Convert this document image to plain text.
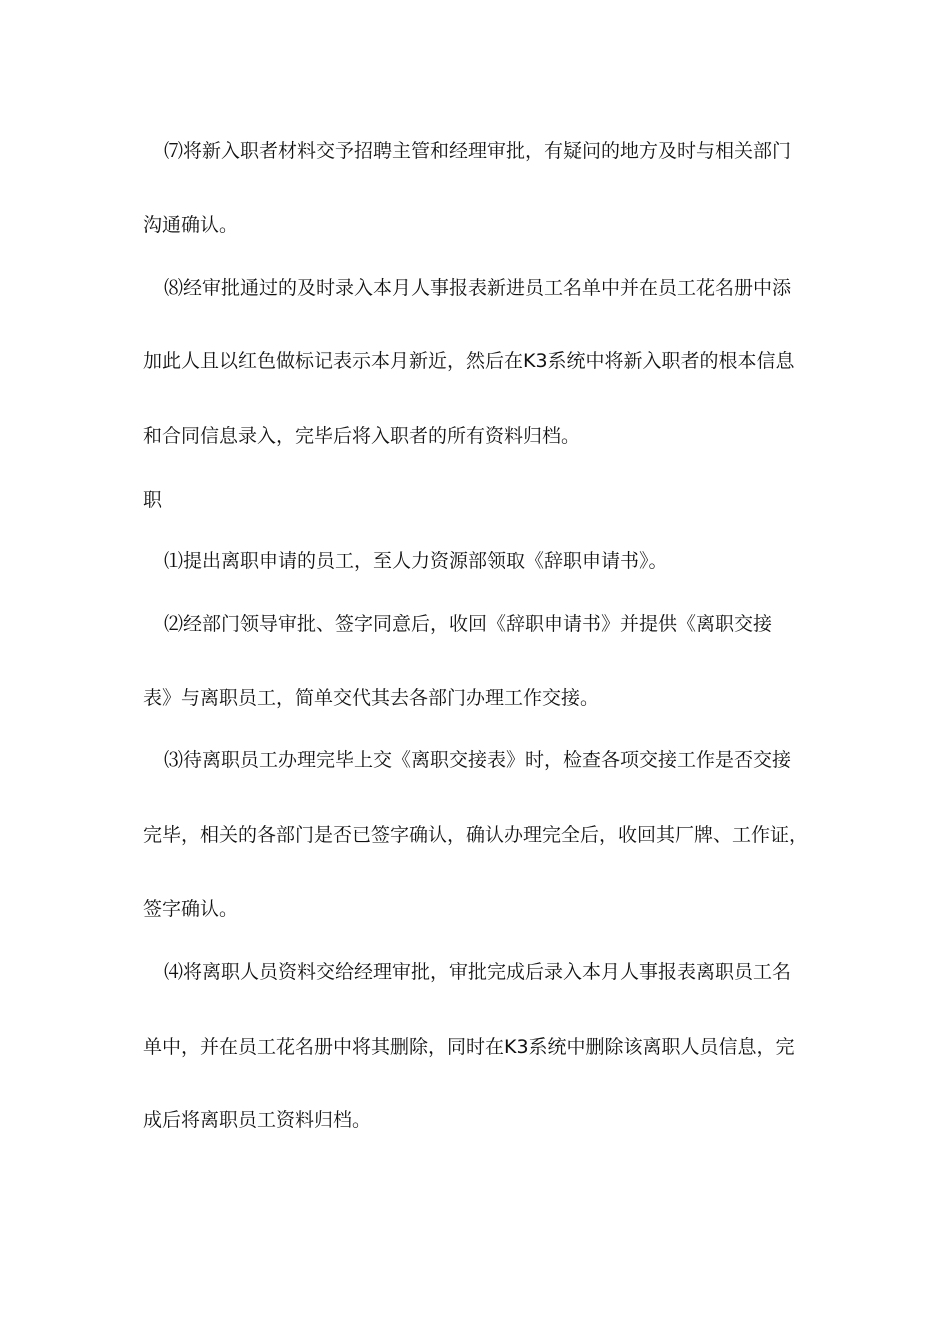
⑺将新入职者材料交予招聘主管和经理审批，有疑问的地方及时与相关部门
沟通确认。
⑻经审批通过的及时录入本月人事报表新进员工名单中并在员工花名册中添
加此人且以红色做标记表示本月新近，然后在K3系统中将新入职者的根本信息
和合同信息录入，完毕后将入职者的所有资料归档。
职
⑴提出离职申请的员工，至人力资源部领取《辞职申请书》。
⑵经部门领导审批、签字同意后，收回《辞职申请书》并提供《离职交接
表》与离职员工，简单交代其去各部门办理工作交接。
⑶待离职员工办理完毕上交《离职交接表》时，检查各项交接工作是否交接
完毕，相关的各部门是否已签字确认，确认办理完全后，收回其厂牌、工作证，
签字确认。
⑷将离职人员资料交给经理审批，审批完成后录入本月人事报表离职员工名
单中，并在员工花名册中将其删除，同时在K3系统中删除该离职人员信息，完
成后将离职员工资料归档。
